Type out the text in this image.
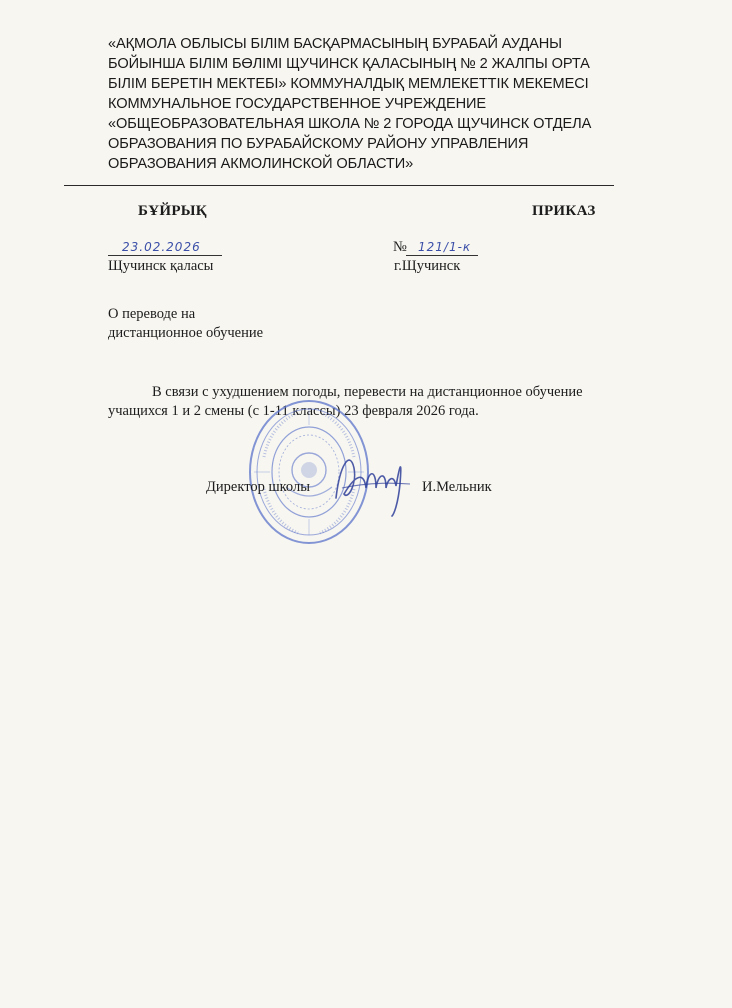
«АҚМОЛА ОБЛЫСЫ БІЛІМ БАСҚАРМАСЫНЫҢ БУРАБАЙ АУДАНЫ
БОЙЫНША БІЛІМ БӨЛІМІ ЩУЧИНСК ҚАЛАСЫНЫҢ № 2 ЖАЛПЫ ОРТА
БІЛІМ БЕРЕТІН МЕКТЕБІ» КОММУНАЛДЫҚ МЕМЛЕКЕТТІК МЕКЕМЕСІ
КОММУНАЛЬНОЕ ГОСУДАРСТВЕННОЕ УЧРЕЖДЕНИЕ
«ОБЩЕОБРАЗОВАТЕЛЬНАЯ ШКОЛА № 2 ГОРОДА ЩУЧИНСК ОТДЕЛА
ОБРАЗОВАНИЯ ПО БУРАБАЙСКОМУ РАЙОНУ УПРАВЛЕНИЯ
ОБРАЗОВАНИЯ АКМОЛИНСКОЙ ОБЛАСТИ»
БҰЙРЫҚ	ПРИКАЗ
23.02.2026	№ 121/1-к
Щучинск қаласы	г.Щучинск
О переводе на
дистанционное обучение
В связи с ухудшением погоды, перевести на дистанционное обучение
учащихся 1 и 2 смены (с 1-11 классы) 23 февраля 2026 года.
Директор школы	И.Мельник
